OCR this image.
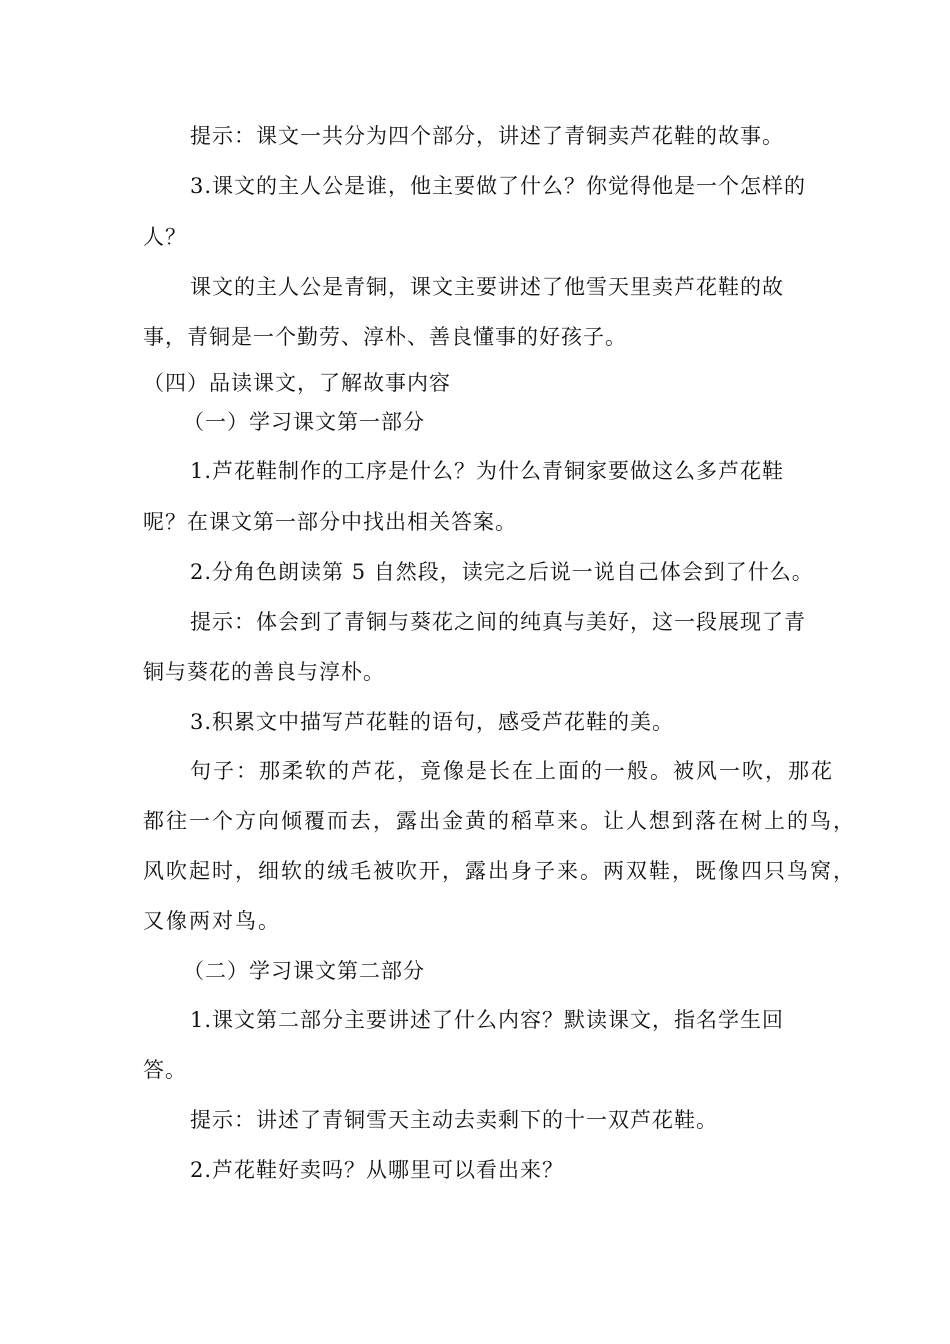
提示：课文一共分为四个部分，讲述了青铜卖芦花鞋的故事。
3.课文的主人公是谁，他主要做了什么？你觉得他是一个怎样的
人？
课文的主人公是青铜，课文主要讲述了他雪天里卖芦花鞋的故
事，青铜是一个勤劳、淳朴、善良懂事的好孩子。
（四）品读课文，了解故事内容
（一）学习课文第一部分
1.芦花鞋制作的工序是什么？为什么青铜家要做这么多芦花鞋
呢？在课文第一部分中找出相关答案。
2.分角色朗读第 5 自然段，读完之后说一说自己体会到了什么。
提示：体会到了青铜与葵花之间的纯真与美好，这一段展现了青
铜与葵花的善良与淳朴。
3.积累文中描写芦花鞋的语句，感受芦花鞋的美。
句子：那柔软的芦花，竟像是长在上面的一般。被风一吹，那花
都往一个方向倾覆而去，露出金黄的稻草来。让人想到落在树上的鸟，
风吹起时，细软的绒毛被吹开，露出身子来。两双鞋，既像四只鸟窝，
又像两对鸟。
（二）学习课文第二部分
1.课文第二部分主要讲述了什么内容？默读课文，指名学生回
答。
提示：讲述了青铜雪天主动去卖剩下的十一双芦花鞋。
2.芦花鞋好卖吗？从哪里可以看出来？
